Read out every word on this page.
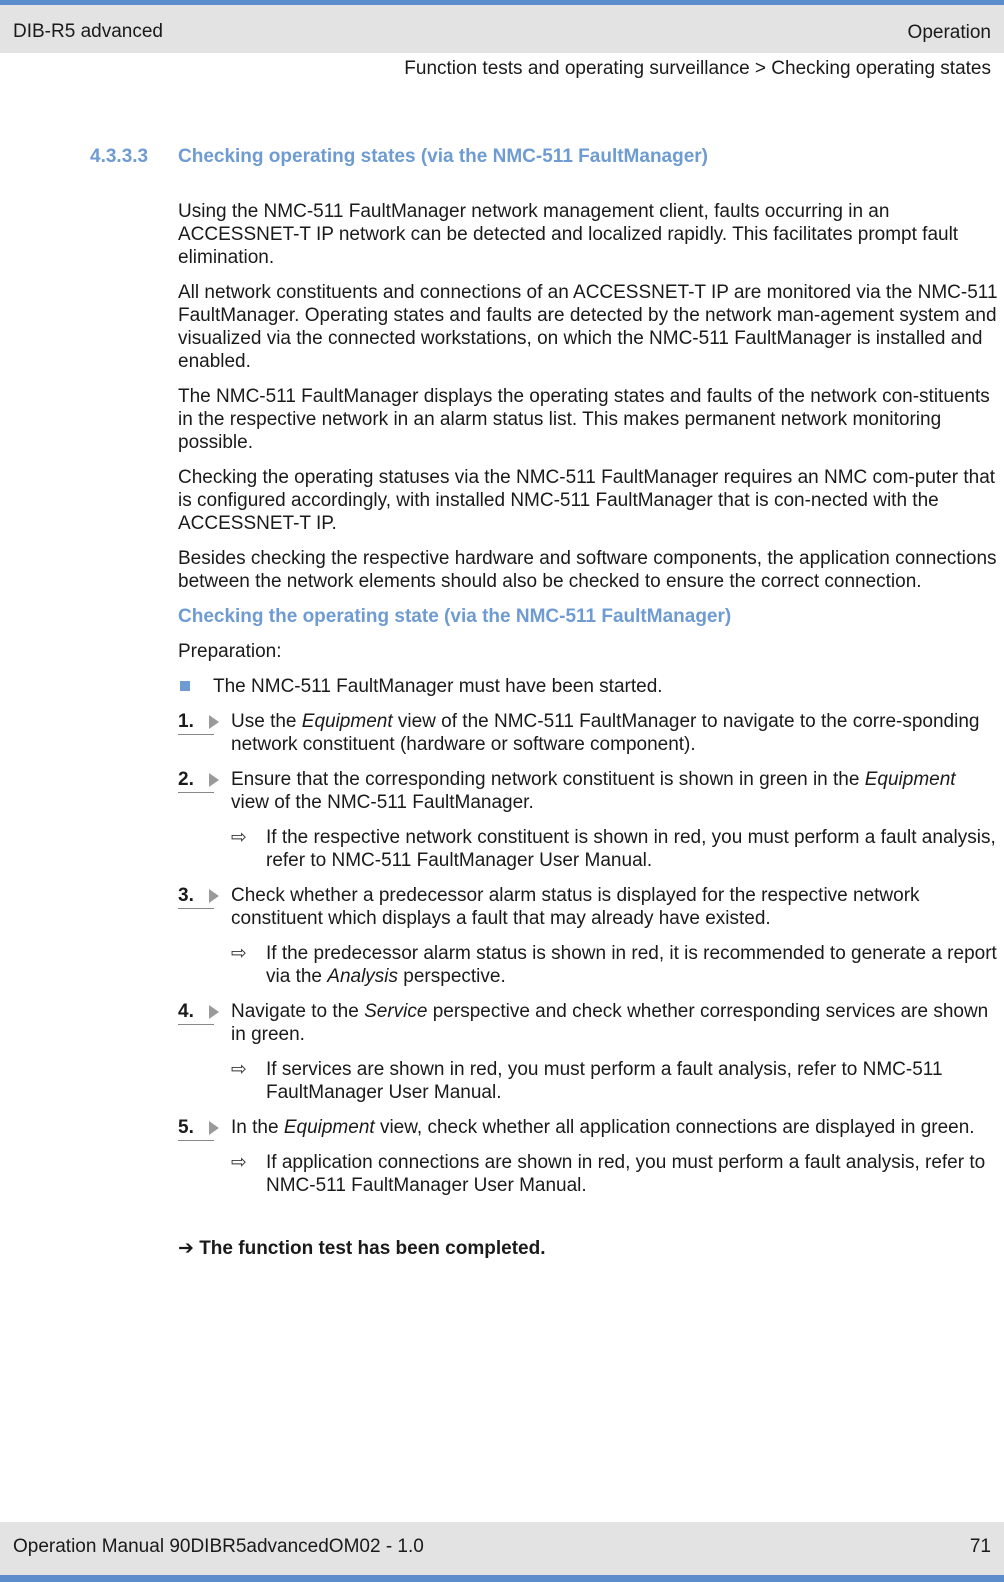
DIB-R5 advanced	Operation
Function tests and operating surveillance > Checking operating states
4.3.3.3 Checking operating states (via the NMC-511 FaultManager)

Using the NMC-511 FaultManager network management client, faults occurring in an ACCESSNET-T IP network can be detected and localized rapidly. This facilitates prompt fault elimination.

All network constituents and connections of an ACCESSNET-T IP are monitored via the NMC-511 FaultManager. Operating states and faults are detected by the network man-agement system and visualized via the connected workstations, on which the NMC-511 FaultManager is installed and enabled.

The NMC-511 FaultManager displays the operating states and faults of the network con-stituents in the respective network in an alarm status list. This makes permanent network monitoring possible.

Checking the operating statuses via the NMC-511 FaultManager requires an NMC com-puter that is configured accordingly, with installed NMC-511 FaultManager that is con-nected with the ACCESSNET-T IP.

Besides checking the respective hardware and software components, the application connections between the network elements should also be checked to ensure the correct connection.

Checking the operating state (via the NMC-511 FaultManager)
Preparation:
The NMC-511 FaultManager must have been started.
1.	Use the Equipment view of the NMC-511 FaultManager to navigate to the corre-sponding network constituent (hardware or software component).
2.	Ensure that the corresponding network constituent is shown in green in the Equipment view of the NMC-511 FaultManager.
⇨ If the respective network constituent is shown in red, you must perform a fault analysis, refer to NMC-511 FaultManager User Manual.
3.	Check whether a predecessor alarm status is displayed for the respective network constituent which displays a fault that may already have existed.
⇨ If the predecessor alarm status is shown in red, it is recommended to generate a report via the Analysis perspective.
4.	Navigate to the Service perspective and check whether corresponding services are shown in green.
⇨ If services are shown in red, you must perform a fault analysis, refer to NMC-511 FaultManager User Manual.
5.	In the Equipment view, check whether all application connections are displayed in green.
⇨ If application connections are shown in red, you must perform a fault analysis, refer to NMC-511 FaultManager User Manual.
➔ The function test has been completed.
Operation Manual 90DIBR5advancedOM02 - 1.0	71
